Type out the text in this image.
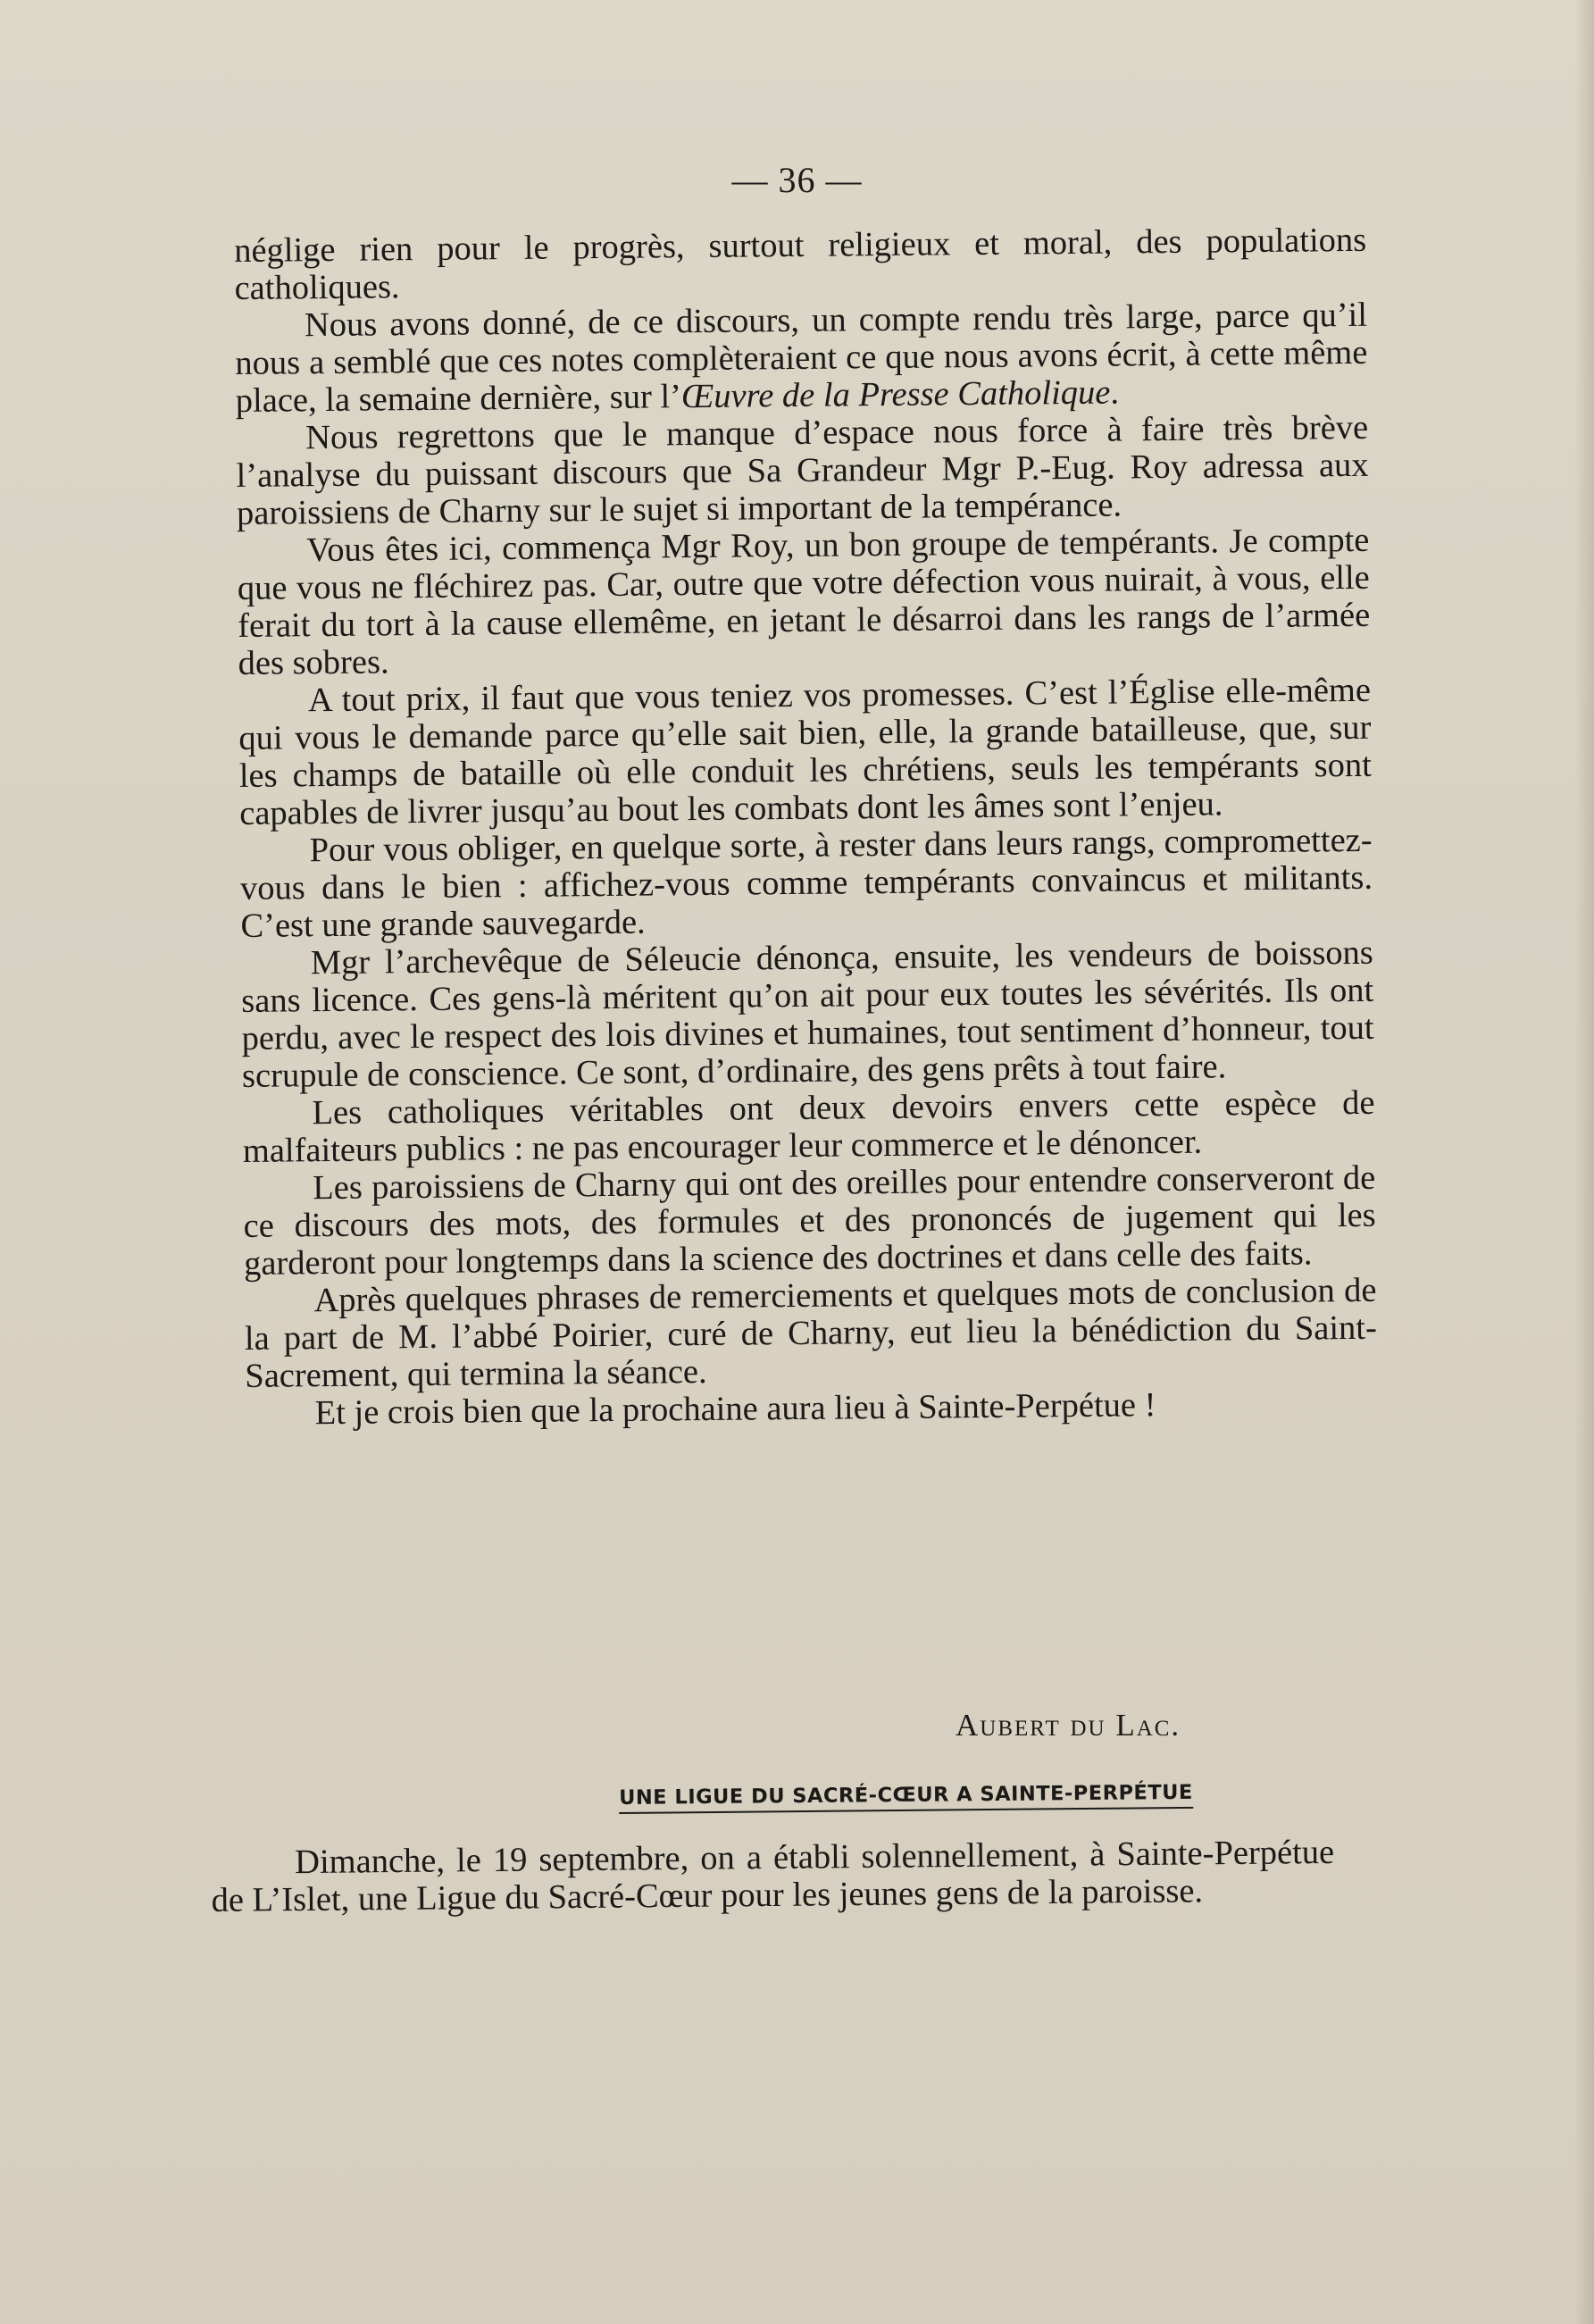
— 36 —

néglige rien pour le progrès, surtout religieux et moral, des populations catholiques.

Nous avons donné, de ce discours, un compte rendu très large, parce qu’il nous a semblé que ces notes complèteraient ce que nous avons écrit, à cette même place, la semaine dernière, sur l’Œuvre de la Presse Catholique.

Nous regrettons que le manque d’espace nous force à faire très brève l’analyse du puissant discours que Sa Grandeur Mgr P.-Eug. Roy adressa aux paroissiens de Charny sur le sujet si important de la tempérance.

Vous êtes ici, commença Mgr Roy, un bon groupe de tempérants. Je compte que vous ne fléchirez pas. Car, outre que votre défection vous nuirait, à vous, elle ferait du tort à la cause ellemême, en jetant le désarroi dans les rangs de l’armée des sobres.

A tout prix, il faut que vous teniez vos promesses. C’est l’Église elle-même qui vous le demande parce qu’elle sait bien, elle, la grande batailleuse, que, sur les champs de bataille où elle conduit les chrétiens, seuls les tempérants sont capables de livrer jusqu’au bout les combats dont les âmes sont l’enjeu.

Pour vous obliger, en quelque sorte, à rester dans leurs rangs, compromettez-vous dans le bien : affichez-vous comme tempérants convaincus et militants. C’est une grande sauvegarde.

Mgr l’archevêque de Séleucie dénonça, ensuite, les vendeurs de boissons sans licence. Ces gens-là méritent qu’on ait pour eux toutes les sévérités. Ils ont perdu, avec le respect des lois divines et humaines, tout sentiment d’honneur, tout scrupule de conscience. Ce sont, d’ordinaire, des gens prêts à tout faire.

Les catholiques véritables ont deux devoirs envers cette espèce de malfaiteurs publics : ne pas encourager leur commerce et le dénoncer.

Les paroissiens de Charny qui ont des oreilles pour entendre conserveront de ce discours des mots, des formules et des prononcés de jugement qui les garderont pour longtemps dans la science des doctrines et dans celle des faits.

Après quelques phrases de remerciements et quelques mots de conclusion de la part de M. l’abbé Poirier, curé de Charny, eut lieu la bénédiction du Saint-Sacrement, qui termina la séance.

Et je crois bien que la prochaine aura lieu à Sainte-Perpétue !

Aubert du Lac.
UNE LIGUE DU SACRÉ-CŒUR A SAINTE-PERPÉTUE

Dimanche, le 19 septembre, on a établi solennellement, à Sainte-Perpétue de L’Islet, une Ligue du Sacré-Cœur pour les jeunes gens de la paroisse.
